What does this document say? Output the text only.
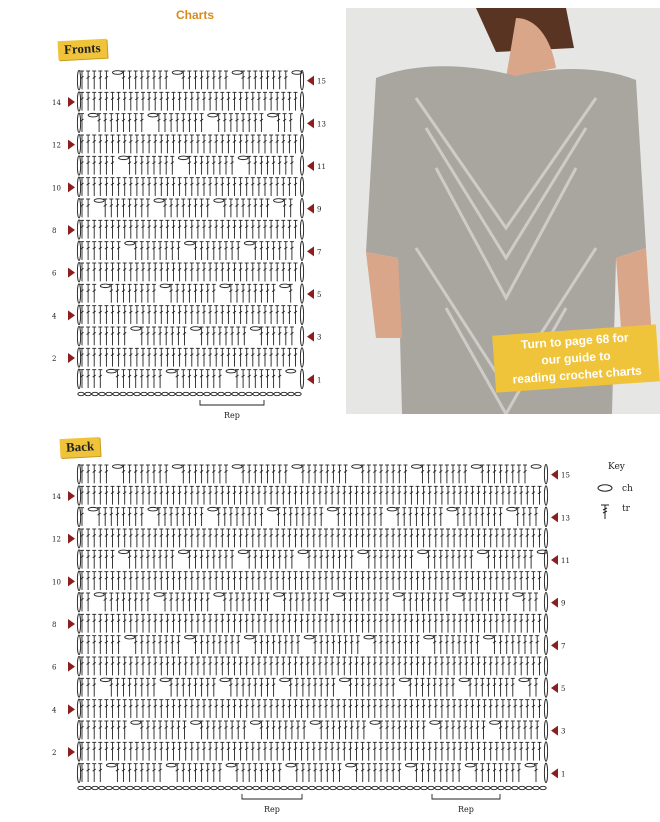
Charts
Fronts
15
13
11
9
7
5
3
1
14
12
10
8
6
4
2
Rep
Turn to page 68 for
our guide to
reading crochet charts
Back
15
13
11
9
7
5
3
1
14
12
10
8
6
4
2
Rep	Rep
Key
ch
tr
